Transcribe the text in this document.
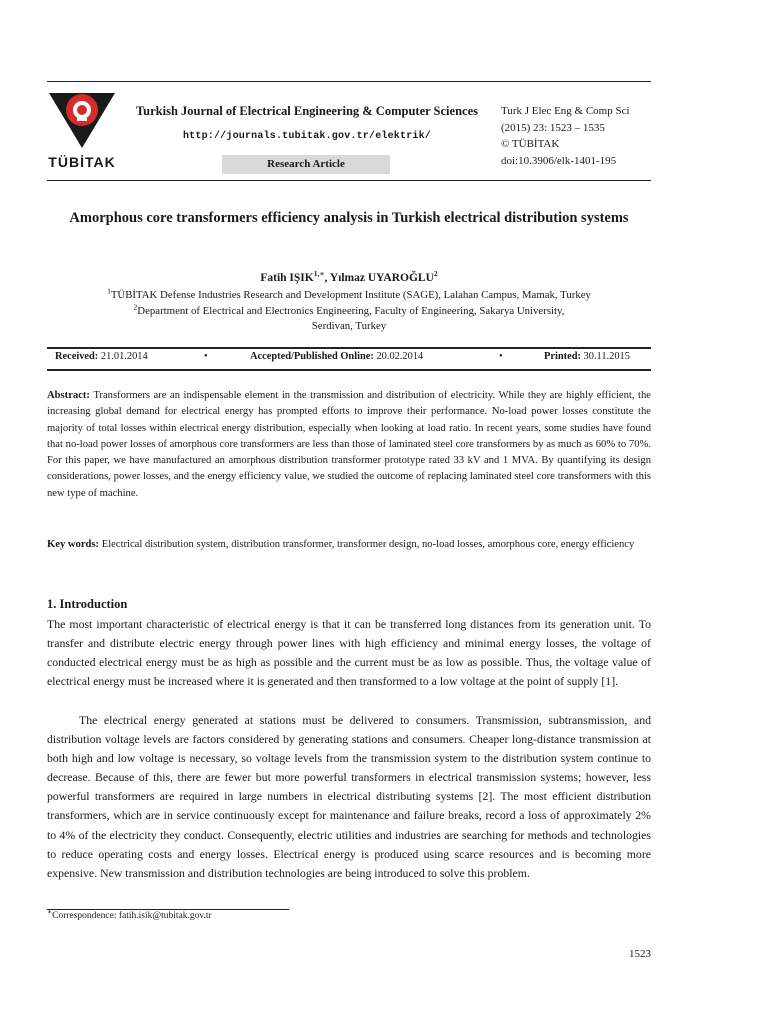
TÜBİTAK
Turkish Journal of Electrical Engineering & Computer Sciences
http://journals.tubitak.gov.tr/elektrik/
Research Article
Turk J Elec Eng & Comp Sci
(2015) 23: 1523 – 1535
© TÜBİTAK
doi:10.3906/elk-1401-195
Amorphous core transformers efficiency analysis in Turkish electrical distribution systems
Fatih $IŞIK^{1,∗}$, Yılmaz UYAROĞLU$^2$
$^1$TÜBİTAK Defense Industries Research and Development Institute (SAGE), Lalahan Campus, Mamak, Turkey
$^2$Department of Electrical and Electronics Engineering, Faculty of Engineering, Sakarya University,
Serdivan, Turkey
Received: 21.01.2014	•	Accepted/Published Online: 20.02.2014	•	Printed: 30.11.2015
Abstract: Transformers are an indispensable element in the transmission and distribution of electricity. While they are highly efficient, the increasing global demand for electrical energy has prompted efforts to improve their performance. No-load power losses constitute the majority of total losses within electrical energy distribution, especially when looking at load ratio. In recent years, some studies have found that no-load power losses of amorphous core transformers are less than those of laminated steel core transformers by as much as 60% to 70%. For this paper, we have manufactured an amorphous distribution transformer prototype rated 33 kV and 1 MVA. By quantifying its design considerations, power losses, and the energy efficiency value, we studied the outcome of replacing laminated steel core transformers with this new type of machine.
Key words: Electrical distribution system, distribution transformer, transformer design, no-load losses, amorphous core, energy efficiency
1. Introduction

The most important characteristic of electrical energy is that it can be transferred long distances from its generation unit. To transfer and distribute electric energy through power lines with high efficiency and minimal energy losses, the voltage of conducted electrical energy must be as high as possible and the current must be as low as possible. Thus, the voltage value of electrical energy must be increased where it is generated and then transformed to a low voltage at the point of supply [1].

The electrical energy generated at stations must be delivered to consumers. Transmission, subtransmission, and distribution voltage levels are factors considered by generating stations and consumers. Cheaper long-distance transmission at both high and low voltage is necessary, so voltage levels from the transmission system to the distribution system continue to decrease. Because of this, there are fewer but more powerful transformers in electrical transmission systems; however, less powerful transformers are required in large numbers in electrical distributing systems [2]. The most efficient distribution transformers, which are in service continuously except for maintenance and failure breaks, record a loss of approximately 2% to 4% of the electricity they conduct. Consequently, electric utilities and industries are searching for methods and technologies to reduce operating costs and energy losses. Electrical energy is produced using scarce resources and is becoming more expensive. New transmission and distribution technologies are being introduced to solve this problem.

∗Correspondence: fatih.isik@tubitak.gov.tr
1523
